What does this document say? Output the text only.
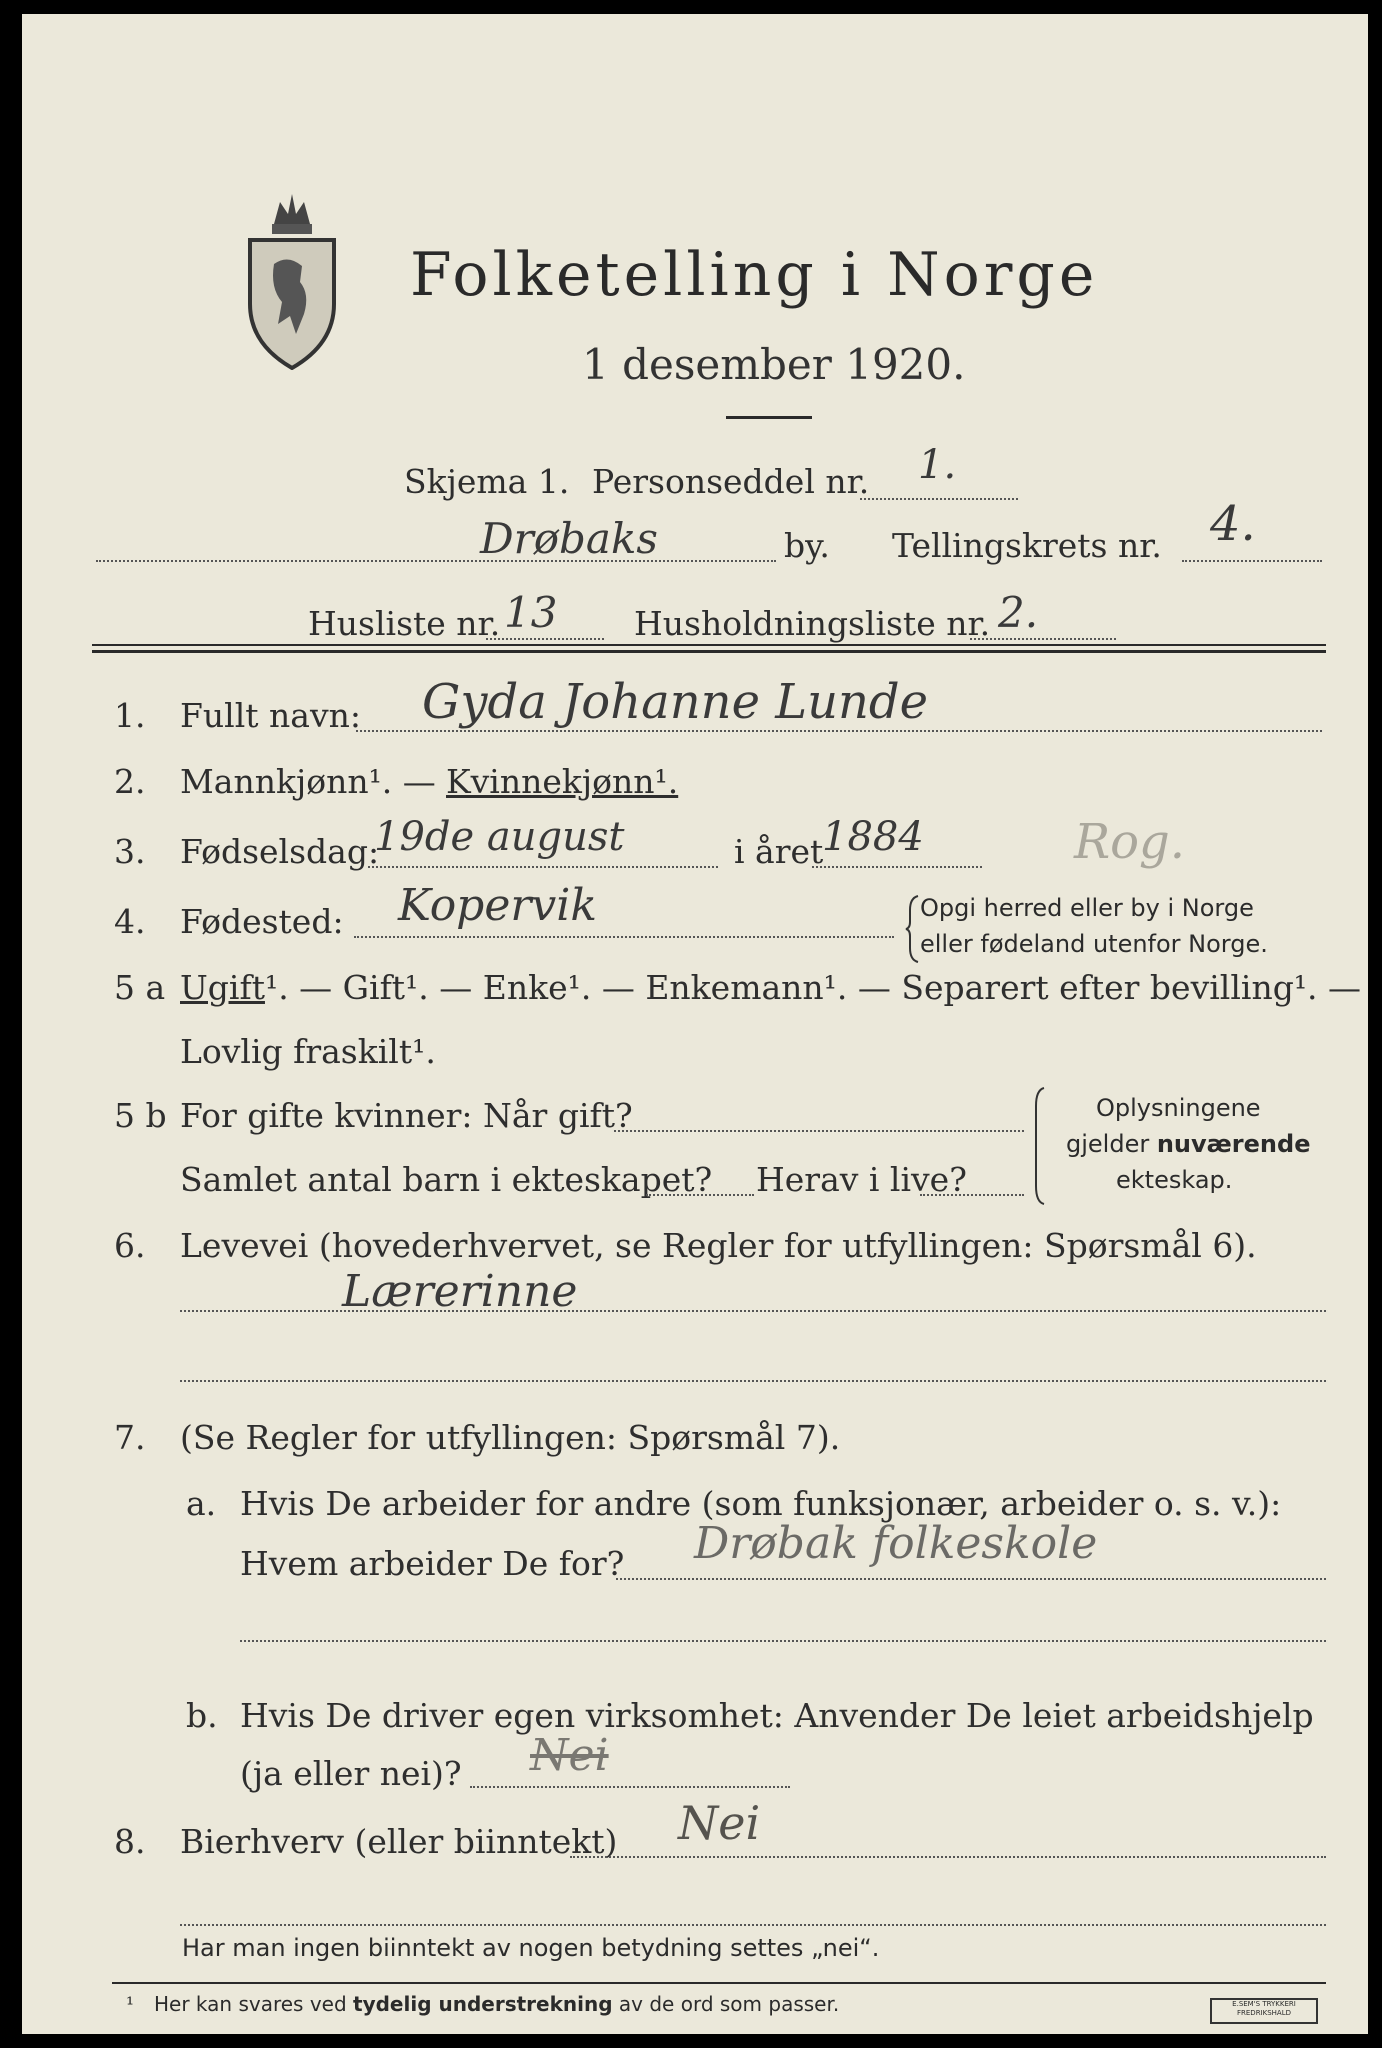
Folketelling i Norge
1 desember 1920.
Skjema 1. Personseddel nr. 1.
Drøbaks	by. Tellingskrets nr. 4.
Husliste nr. 13 Husholdningsliste nr. 2.
1. Fullt navn: Gyda Johanne Lunde
2. Mannkjønn¹. — Kvinnekjønn¹.
3. Fødselsdag:
19de august	i året
1884	Rog.
4. Fødested: Kopervik	Opgi herred eller by i Norge
eller fødeland utenfor Norge.
5 a Ugift¹. — Gift¹. — Enke¹. — Enkemann¹. — Separert efter bevilling¹. —
Lovlig fraskilt¹.
5 b For gifte kvinner: Når gift?
Samlet antal barn i ekteskapet? Herav i live?
Oplysningene
gjelder nuværende
ekteskap.
6. Levevei (hovederhvervet, se Regler for utfyllingen: Spørsmål 6).
Lærerinne
7. (Se Regler for utfyllingen: Spørsmål 7).
a. Hvis De arbeider for andre (som funksjonær, arbeider o. s. v.):
Hvem arbeider De for? Drøbak folkeskole
b. Hvis De driver egen virksomhet: Anvender De leiet arbeidshjelp
(ja eller nei)? Nei
8. Bierhverv (eller biinntekt) Nei
Har man ingen biinntekt av nogen betydning settes „nei“.
¹ Her kan svares ved tydelig understrekning av de ord som passer.	E.SEM'S TRYKKERI
FREDRIKSHALD
